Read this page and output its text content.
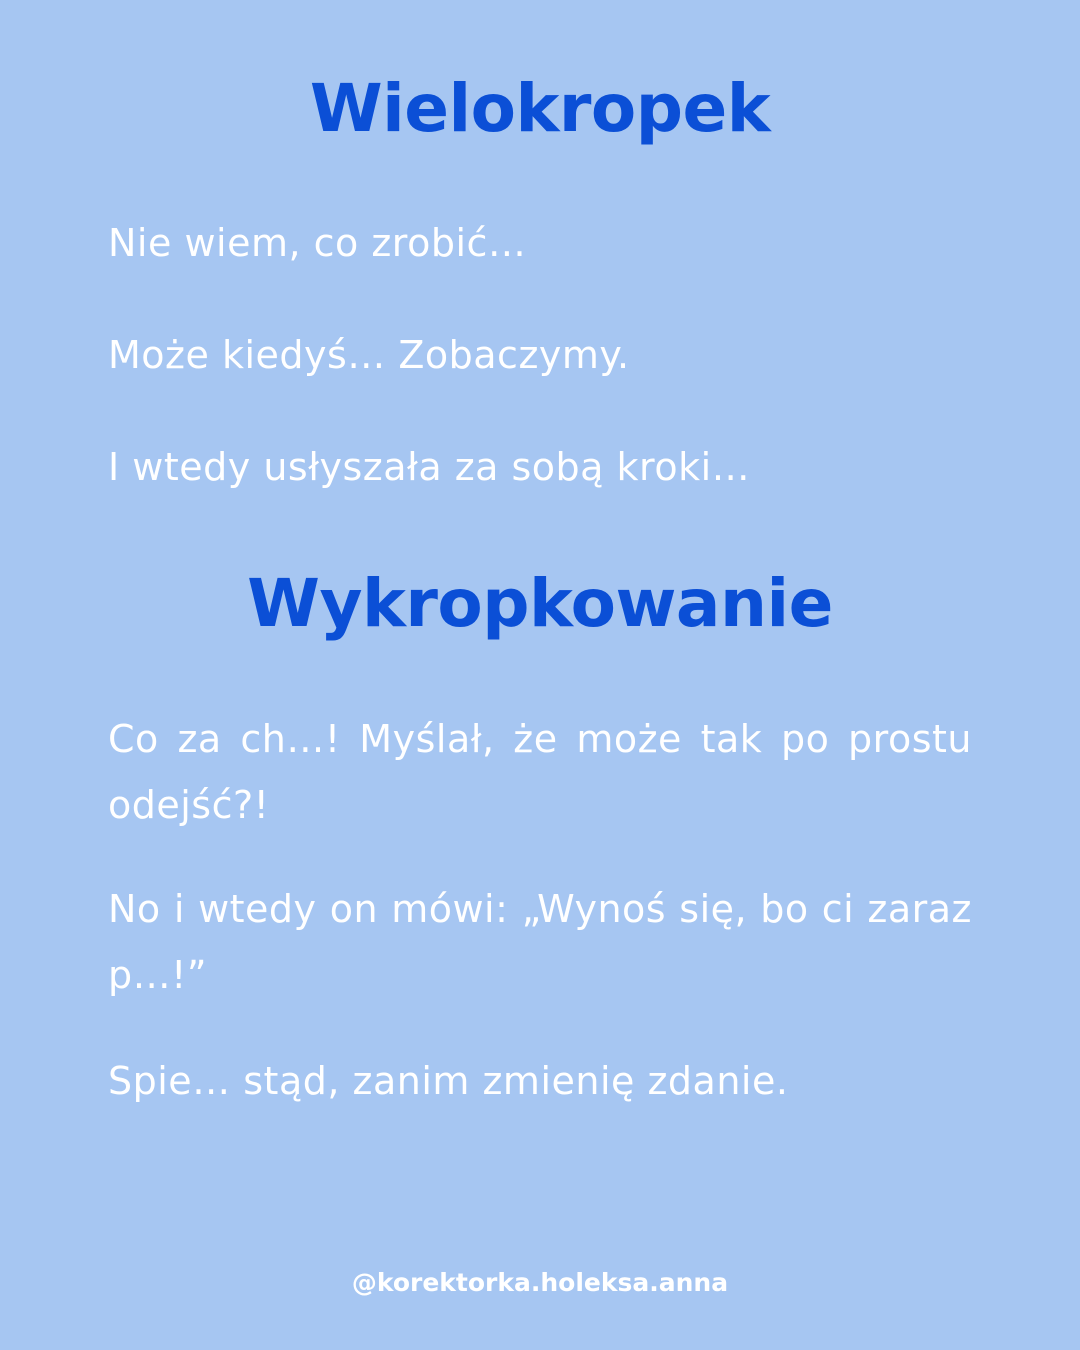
Wielokropek

Nie wiem, co zrobić…

Może kiedyś… Zobaczymy.

I wtedy usłyszała za sobą kroki…

Wykropkowanie

Co za ch…! Myślał, że może tak po prostu odejść?!

No i wtedy on mówi: „Wynoś się, bo ci zaraz p…!”

Spie… stąd, zanim zmienię zdanie.

@korektorka.holeksa.anna
